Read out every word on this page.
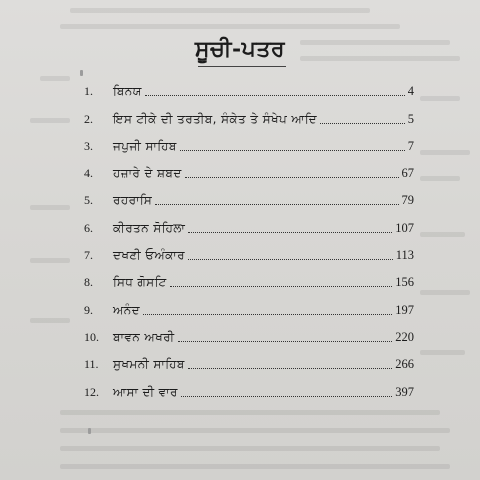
ਸੂਚੀ-ਪਤਰ
1.	ਬਿਨਯ	4
2.	ਇਸ ਟੀਕੇ ਦੀ ਤਰਤੀਬ, ਸੰਕੇਤ ਤੇ ਸੰਖੇਪ ਆਦਿ	5
3.	ਜਪੁਜੀ ਸਾਹਿਬ	7
4.	ਹਜ਼ਾਰੇ ਦੇ ਸ਼ਬਦ	67
5.	ਰਹਰਾਸਿ	79
6.	ਕੀਰਤਨ ਸੋਹਿਲਾ	107
7.	ਦਖਣੀ ਓਅੰਕਾਰ	113
8.	ਸਿਧ ਗੋਸਟਿ	156
9.	ਅਨੰਦ	197
10.	ਬਾਵਨ ਅਖਰੀ	220
11.	ਸੁਖਮਨੀ ਸਾਹਿਬ	266
12.	ਆਸਾ ਦੀ ਵਾਰ	397
